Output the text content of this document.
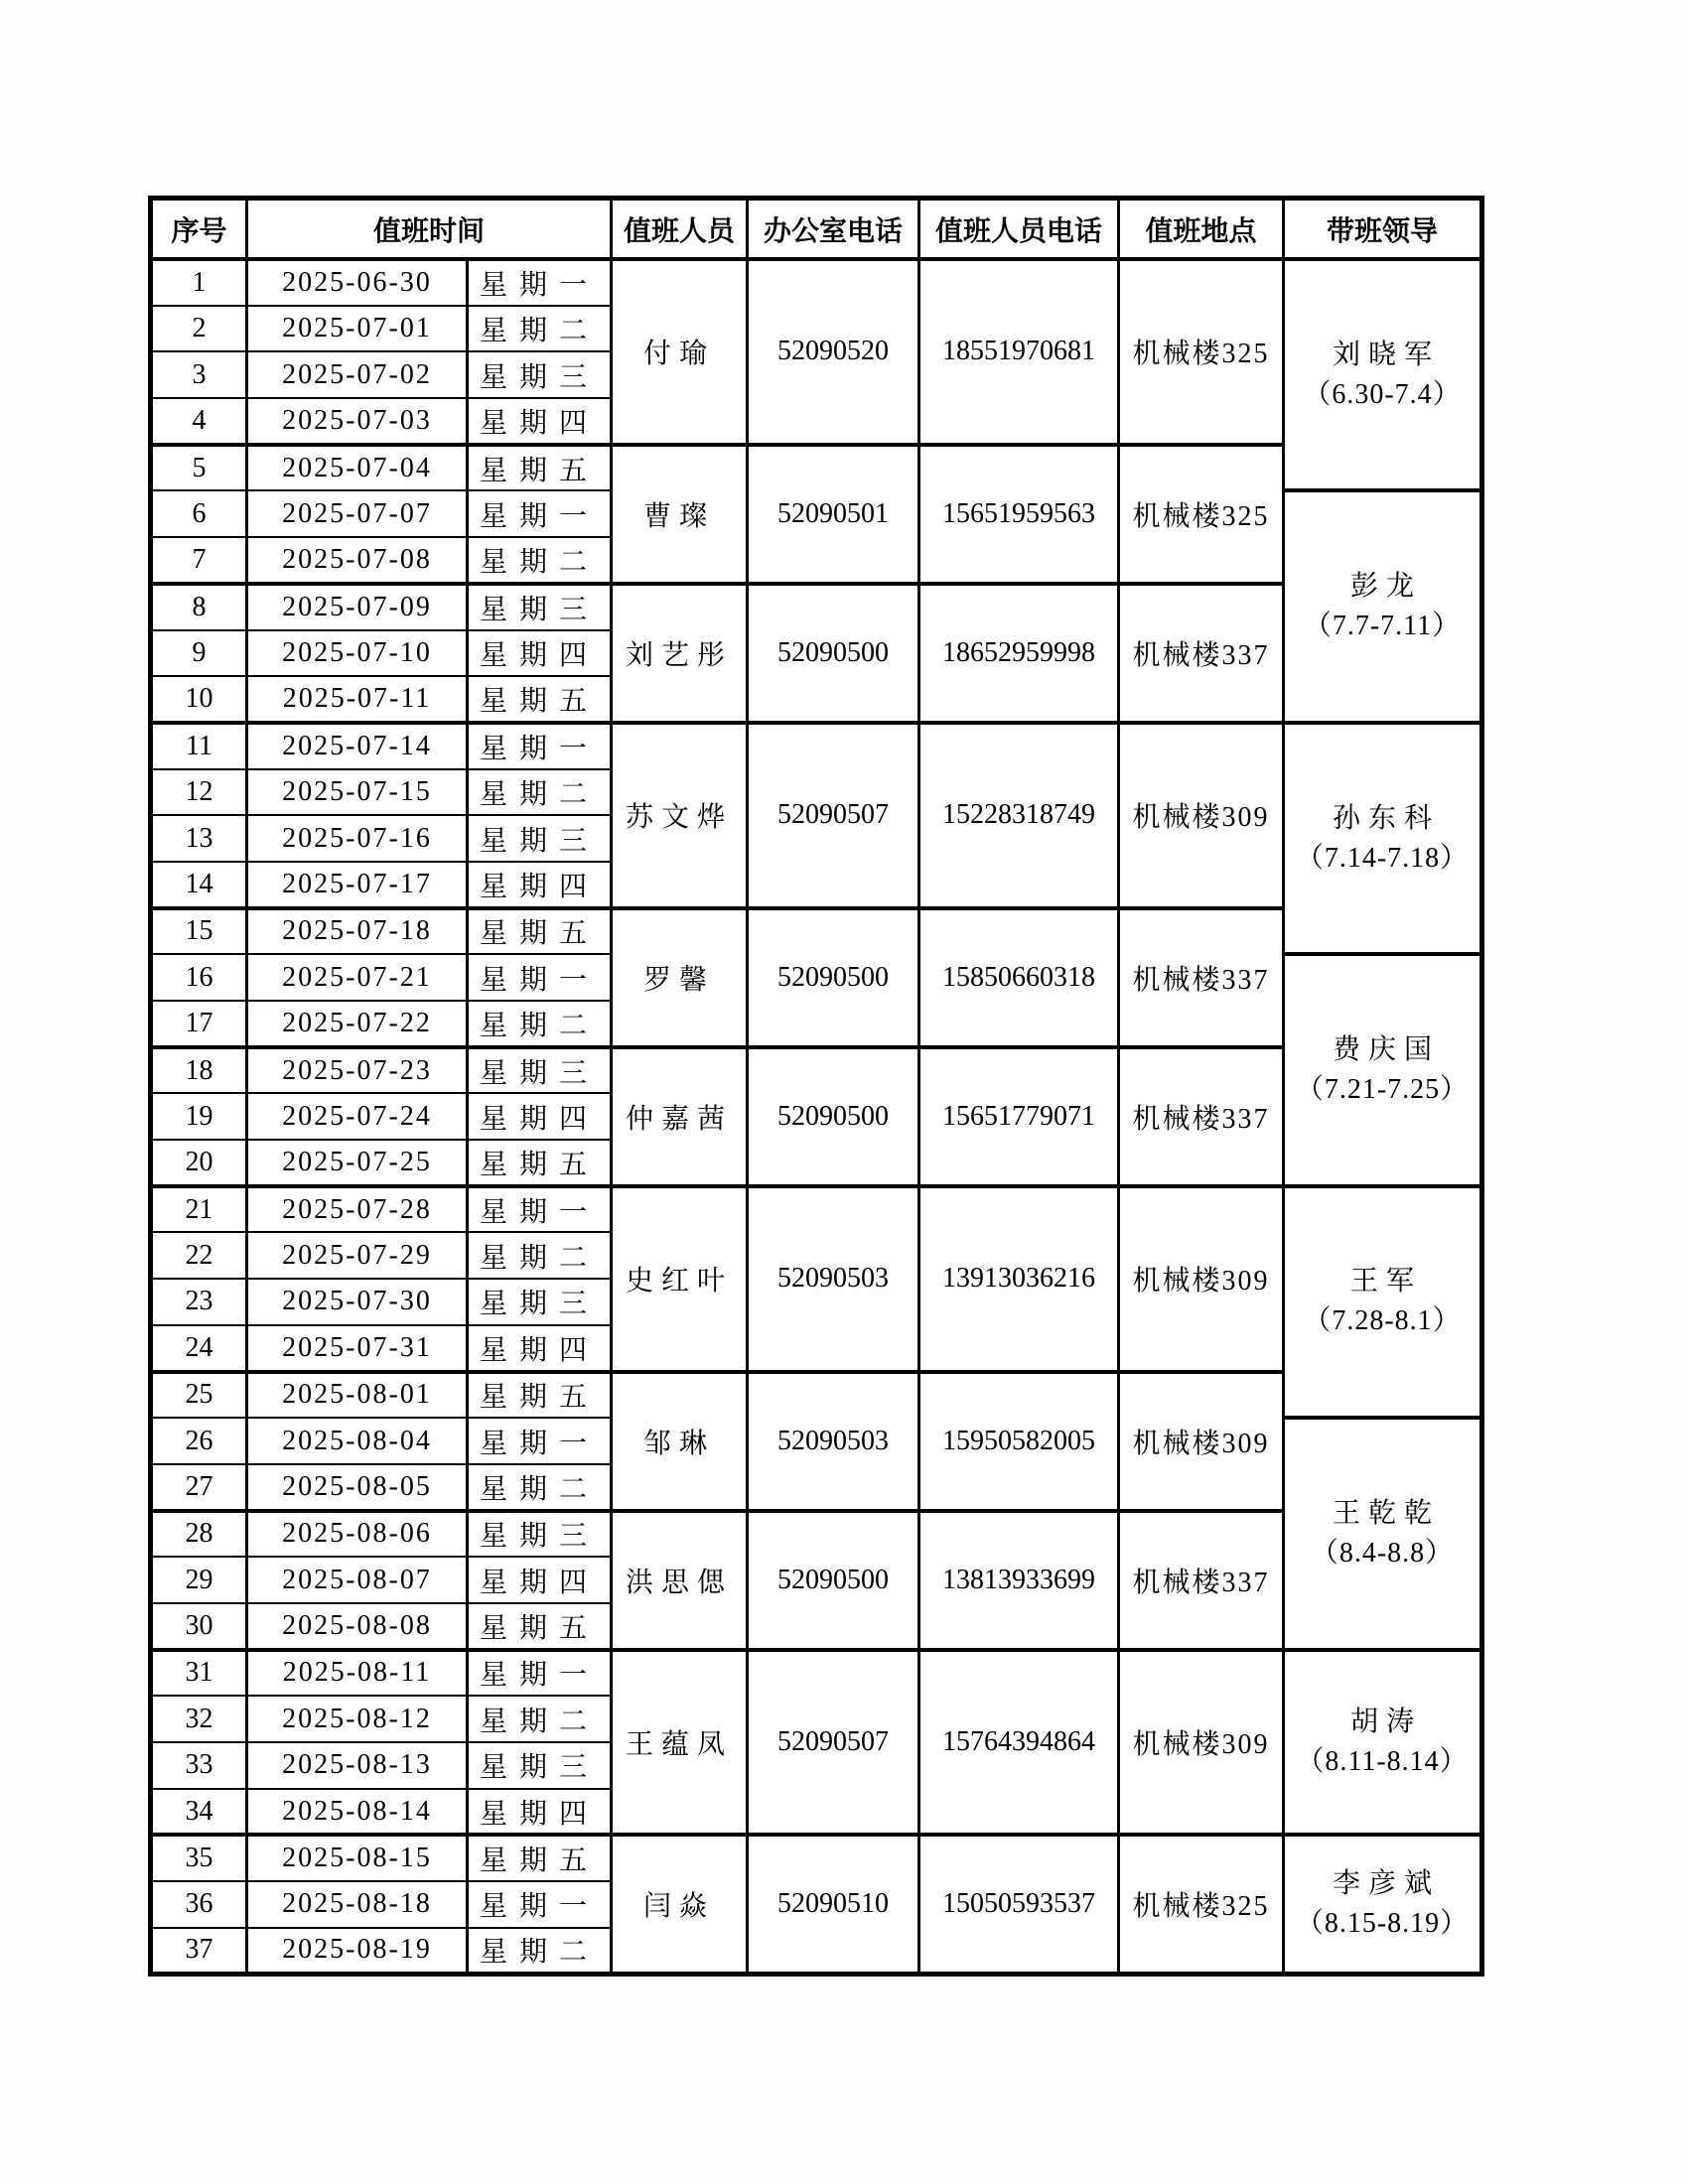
序号	值班时间		值班人员	办公室电话	值班人员电话	值班地点	带班领导
1	2025-06-30	星期一	付瑜	52090520	18551970681	机械楼325	刘晓军
（6.30-7.4）

2	2025-07-01	星期二					
3	2025-07-02	星期三					
4	2025-07-03	星期四					
5	2025-07-04	星期五	曹璨	52090501	15651959563	机械楼325	
6	2025-07-07	星期一					彭龙
（7.7-7.11）

7	2025-07-08	星期二					
8	2025-07-09	星期三	刘艺彤	52090500	18652959998	机械楼337	
9	2025-07-10	星期四					
10	2025-07-11	星期五					
11	2025-07-14	星期一	苏文烨	52090507	15228318749	机械楼309	孙东科
（7.14-7.18）

12	2025-07-15	星期二					
13	2025-07-16	星期三					
14	2025-07-17	星期四					
15	2025-07-18	星期五	罗馨	52090500	15850660318	机械楼337	
16	2025-07-21	星期一					费庆国
（7.21-7.25）

17	2025-07-22	星期二					
18	2025-07-23	星期三	仲嘉茜	52090500	15651779071	机械楼337	
19	2025-07-24	星期四					
20	2025-07-25	星期五					
21	2025-07-28	星期一	史红叶	52090503	13913036216	机械楼309	王军
（7.28-8.1）

22	2025-07-29	星期二					
23	2025-07-30	星期三					
24	2025-07-31	星期四					
25	2025-08-01	星期五	邹琳	52090503	15950582005	机械楼309	
26	2025-08-04	星期一					王乾乾
（8.4-8.8）

27	2025-08-05	星期二					
28	2025-08-06	星期三	洪思偲	52090500	13813933699	机械楼337	
29	2025-08-07	星期四					
30	2025-08-08	星期五					
31	2025-08-11	星期一	王蕴凤	52090507	15764394864	机械楼309	胡涛
（8.11-8.14）

32	2025-08-12	星期二					
33	2025-08-13	星期三					
34	2025-08-14	星期四					
35	2025-08-15	星期五	闫焱	52090510	15050593537	机械楼325	李彦斌
（8.15-8.19）

36	2025-08-18	星期一					
37	2025-08-19	星期二					
